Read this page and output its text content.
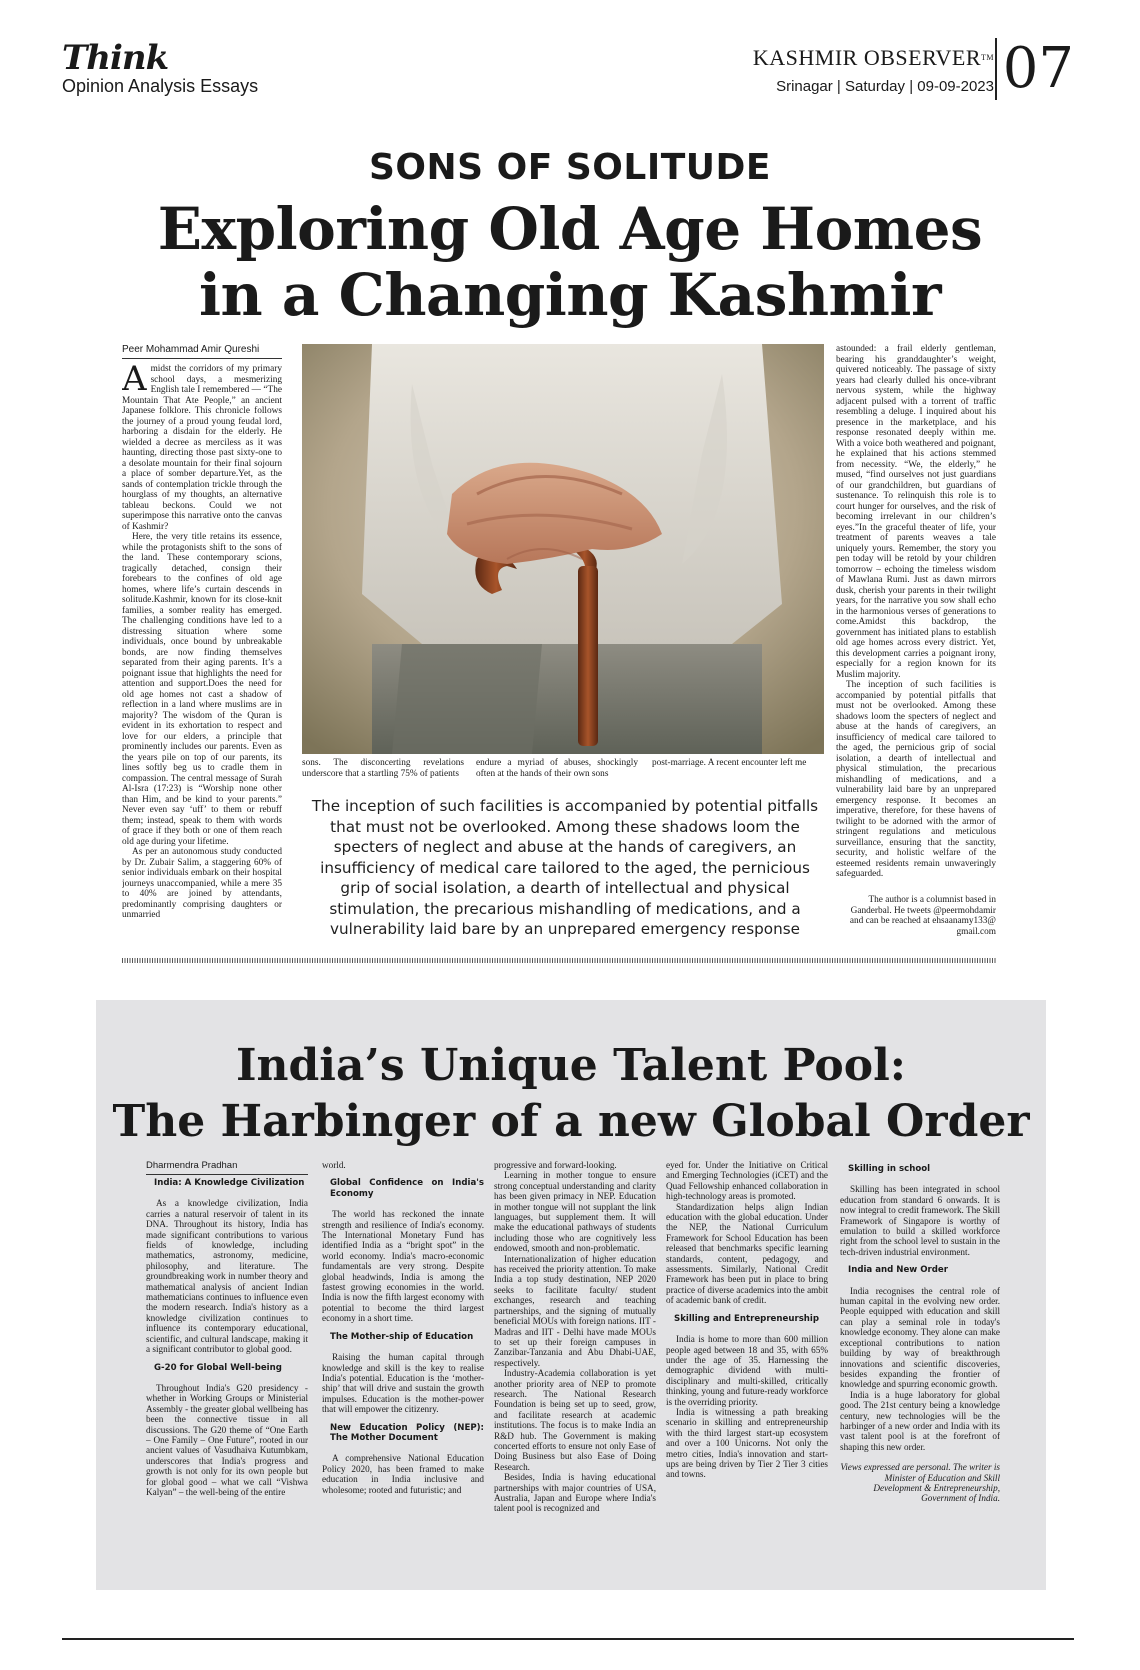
Think
Opinion Analysis Essays
KASHMIR OBSERVER™
Srinagar | Saturday | 09-09-2023 07
SONS OF SOLITUDE
Exploring Old Age Homes
in a Changing Kashmir
Peer Mohammad Amir Qureshi

Amidst the corridors of my primary school days, a mesmerizing English tale I remembered — “The Mountain That Ate People,” an ancient Japanese folklore. This chronicle follows the journey of a proud young feudal lord, harboring a disdain for the elderly. He wielded a decree as merciless as it was haunting, directing those past sixty-one to a desolate mountain for their final sojourn a place of somber departure.Yet, as the sands of contemplation trickle through the hourglass of my thoughts, an alternative tableau beckons. Could we not superimpose this narrative onto the canvas of Kashmir?

Here, the very title retains its essence, while the protagonists shift to the sons of the land. These contemporary scions, tragically detached, consign their forebears to the confines of old age homes, where life’s curtain descends in solitude.Kashmir, known for its close-knit families, a somber reality has emerged. The challenging conditions have led to a distressing situation where some individuals, once bound by unbreakable bonds, are now finding themselves separated from their aging parents. It’s a poignant issue that highlights the need for attention and support.Does the need for old age homes not cast a shadow of reflection in a land where muslims are in majority? The wisdom of the Quran is evident in its exhortation to respect and love for our elders, a principle that prominently includes our parents. Even as the years pile on top of our parents, its lines softly beg us to cradle them in compassion. The central message of Surah Al-Isra (17:23) is “Worship none other than Him, and be kind to your parents.” Never even say ‘uff’ to them or rebuff them; instead, speak to them with words of grace if they both or one of them reach old age during your lifetime.

As per an autonomous study conducted by Dr. Zubair Salim, a staggering 60% of senior individuals embark on their hospital journeys unaccompanied, while a mere 35 to 40% are joined by attendants, predominantly comprising daughters or unmarried

sons. The disconcerting revelations underscore that a startling 75% of patients
endure a myriad of abuses, shockingly often at the hands of their own sons
post-marriage. A recent encounter left me
The inception of such facilities is accompanied by potential pitfalls that must not be overlooked. Among these shadows loom the specters of neglect and abuse at the hands of caregivers, an insufficiency of medical care tailored to the aged, the pernicious grip of social isolation, a dearth of intellectual and physical stimulation, the precarious mishandling of medications, and a vulnerability laid bare by an unprepared emergency response

astounded: a frail elderly gentleman, bearing his granddaughter’s weight, quivered noticeably. The passage of sixty years had clearly dulled his once-vibrant nervous system, while the highway adjacent pulsed with a torrent of traffic resembling a deluge. I inquired about his presence in the marketplace, and his response resonated deeply within me. With a voice both weathered and poignant, he explained that his actions stemmed from necessity. “We, the elderly,” he mused, “find ourselves not just guardians of our grandchildren, but guardians of sustenance. To relinquish this role is to court hunger for ourselves, and the risk of becoming irrelevant in our children’s eyes.”In the graceful theater of life, your treatment of parents weaves a tale uniquely yours. Remember, the story you pen today will be retold by your children tomorrow – echoing the timeless wisdom of Mawlana Rumi. Just as dawn mirrors dusk, cherish your parents in their twilight years, for the narrative you sow shall echo in the harmonious verses of generations to come.Amidst this backdrop, the government has initiated plans to establish old age homes across every district. Yet, this development carries a poignant irony, especially for a region known for its Muslim majority.

The inception of such facilities is accompanied by potential pitfalls that must not be overlooked. Among these shadows loom the specters of neglect and abuse at the hands of caregivers, an insufficiency of medical care tailored to the aged, the pernicious grip of social isolation, a dearth of intellectual and physical stimulation, the precarious mishandling of medications, and a vulnerability laid bare by an unprepared emergency response. It becomes an imperative, therefore, for these havens of twilight to be adorned with the armor of stringent regulations and meticulous surveillance, ensuring that the sanctity, security, and holistic welfare of the esteemed residents remain unwaveringly safeguarded.

The author is a columnist based in Ganderbal. He tweets @peermohdamir and can be reached at ehsaanamy133@ gmail.com
India’s Unique Talent Pool:
The Harbinger of a new Global Order
Dharmendra Pradhan

India: A Knowledge Civilization

As a knowledge civilization, India carries a natural reservoir of talent in its DNA. Throughout its history, India has made significant contributions to various fields of knowledge, including mathematics, astronomy, medicine, philosophy, and literature. The groundbreaking work in number theory and mathematical analysis of ancient Indian mathematicians continues to influence even the modern research. India's history as a knowledge civilization continues to influence its contemporary educational, scientific, and cultural landscape, making it a significant contributor to global good.

G-20 for Global Well-being

Throughout India's G20 presidency - whether in Working Groups or Ministerial Assembly - the greater global wellbeing has been the connective tissue in all discussions. The G20 theme of “One Earth – One Family – One Future”, rooted in our ancient values of Vasudhaiva Kutumbkam, underscores that India's progress and growth is not only for its own people but for global good – what we call “Vishwa Kalyan” – the well-being of the entire

world.

Global Confidence on India's Economy

The world has reckoned the innate strength and resilience of India's economy. The International Monetary Fund has identified India as a “bright spot” in the world economy. India's macro-economic fundamentals are very strong. Despite global headwinds, India is among the fastest growing economies in the world. India is now the fifth largest economy with potential to become the third largest economy in a short time.

The Mother-ship of Education

Raising the human capital through knowledge and skill is the key to realise India's potential. Education is the ‘mother-ship’ that will drive and sustain the growth impulses. Education is the mother-power that will empower the citizenry.

New Education Policy (NEP): The Mother Document

A comprehensive National Education Policy 2020, has been framed to make education in India inclusive and wholesome; rooted and futuristic; and

progressive and forward-looking.

Learning in mother tongue to ensure strong conceptual understanding and clarity has been given primacy in NEP. Education in mother tongue will not supplant the link languages, but supplement them. It will make the educational pathways of students including those who are cognitively less endowed, smooth and non-problematic.

Internationalization of higher education has received the priority attention. To make India a top study destination, NEP 2020 seeks to facilitate faculty/ student exchanges, research and teaching partnerships, and the signing of mutually beneficial MOUs with foreign nations. IIT - Madras and IIT - Delhi have made MOUs to set up their foreign campuses in Zanzibar-Tanzania and Abu Dhabi-UAE, respectively.

Industry-Academia collaboration is yet another priority area of NEP to promote research. The National Research Foundation is being set up to seed, grow, and facilitate research at academic institutions. The focus is to make India an R&D hub. The Government is making concerted efforts to ensure not only Ease of Doing Business but also Ease of Doing Research.

Besides, India is having educational partnerships with major countries of USA, Australia, Japan and Europe where India's talent pool is recognized and

eyed for. Under the Initiative on Critical and Emerging Technologies (iCET) and the Quad Fellowship enhanced collaboration in high-technology areas is promoted.

Standardization helps align Indian education with the global education. Under the NEP, the National Curriculum Framework for School Education has been released that benchmarks specific learning standards, content, pedagogy, and assessments. Similarly, National Credit Framework has been put in place to bring practice of diverse academics into the ambit of academic bank of credit.

Skilling and Entrepreneurship

India is home to more than 600 million people aged between 18 and 35, with 65% under the age of 35. Harnessing the demographic dividend with multi-disciplinary and multi-skilled, critically thinking, young and future-ready workforce is the overriding priority.

India is witnessing a path breaking scenario in skilling and entrepreneurship with the third largest start-up ecosystem and over a 100 Unicorns. Not only the metro cities, India's innovation and start-ups are being driven by Tier 2 Tier 3 cities and towns.

Skilling in school

Skilling has been integrated in school education from standard 6 onwards. It is now integral to credit framework. The Skill Framework of Singapore is worthy of emulation to build a skilled workforce right from the school level to sustain in the tech-driven industrial environment.

India and New Order

India recognises the central role of human capital in the evolving new order. People equipped with education and skill can play a seminal role in today's knowledge economy. They alone can make exceptional contributions to nation building by way of breakthrough innovations and scientific discoveries, besides expanding the frontier of knowledge and spurring economic growth.

India is a huge laboratory for global good. The 21st century being a knowledge century, new technologies will be the harbinger of a new order and India with its vast talent pool is at the forefront of shaping this new order.

Views expressed are personal. The writer is Minister of Education and Skill Development & Entrepreneurship, Government of India.
